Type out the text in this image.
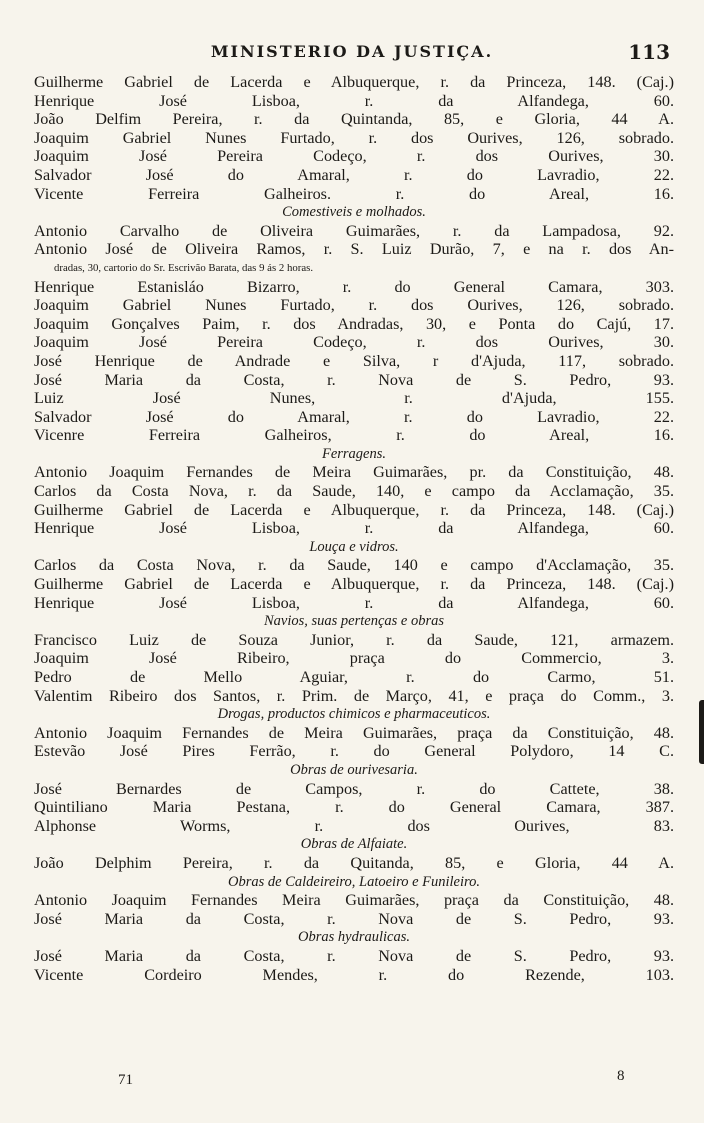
MINISTERIO DA JUSTIÇA.	113
Guilherme Gabriel de Lacerda e Albuquerque, r. da Princeza, 148. (Caj.)
Henrique José Lisboa, r. da Alfandega, 60.
João Delfim Pereira, r. da Quintanda, 85, e Gloria, 44 A.
Joaquim Gabriel Nunes Furtado, r. dos Ourives, 126, sobrado.
Joaquim José Pereira Codeço, r. dos Ourives, 30.
Salvador José do Amaral, r. do Lavradio, 22.
Vicente Ferreira Galheiros. r. do Areal, 16.
Comestiveis e molhados.
Antonio Carvalho de Oliveira Guimarães, r. da Lampadosa, 92.
Antonio José de Oliveira Ramos, r. S. Luiz Durão, 7, e na r. dos An-
dradas, 30, cartorio do Sr. Escrivão Barata, das 9 ás 2 horas.
Henrique Estanisláo Bizarro, r. do General Camara, 303.
Joaquim Gabriel Nunes Furtado, r. dos Ourives, 126, sobrado.
Joaquim Gonçalves Paim, r. dos Andradas, 30, e Ponta do Cajú, 17.
Joaquim José Pereira Codeço, r. dos Ourives, 30.
José Henrique de Andrade e Silva, r d'Ajuda, 117, sobrado.
José Maria da Costa, r. Nova de S. Pedro, 93.
Luiz José Nunes, r. d'Ajuda, 155.
Salvador José do Amaral, r. do Lavradio, 22.
Vicenre Ferreira Galheiros, r. do Areal, 16.
Ferragens.
Antonio Joaquim Fernandes de Meira Guimarães, pr. da Constituição, 48.
Carlos da Costa Nova, r. da Saude, 140, e campo da Acclamação, 35.
Guilherme Gabriel de Lacerda e Albuquerque, r. da Princeza, 148. (Caj.)
Henrique José Lisboa, r. da Alfandega, 60.
Louça e vidros.
Carlos da Costa Nova, r. da Saude, 140 e campo d'Acclamação, 35.
Guilherme Gabriel de Lacerda e Albuquerque, r. da Princeza, 148. (Caj.)
Henrique José Lisboa, r. da Alfandega, 60.
Navios, suas pertenças e obras
Francisco Luiz de Souza Junior, r. da Saude, 121, armazem.
Joaquim José Ribeiro, praça do Commercio, 3.
Pedro de Mello Aguiar, r. do Carmo, 51.
Valentim Ribeiro dos Santos, r. Prim. de Março, 41, e praça do Comm., 3.
Drogas, productos chimicos e pharmaceuticos.
Antonio Joaquim Fernandes de Meira Guimarães, praça da Constituição, 48.
Estevão José Pires Ferrão, r. do General Polydoro, 14 C.
Obras de ourivesaria.
José Bernardes de Campos, r. do Cattete, 38.
Quintiliano Maria Pestana, r. do General Camara, 387.
Alphonse Worms, r. dos Ourives, 83.
Obras de Alfaiate.
João Delphim Pereira, r. da Quitanda, 85, e Gloria, 44 A.
Obras de Caldeireiro, Latoeiro e Funileiro.
Antonio Joaquim Fernandes Meira Guimarães, praça da Constituição, 48.
José Maria da Costa, r. Nova de S. Pedro, 93.
Obras hydraulicas.
José Maria da Costa, r. Nova de S. Pedro, 93.
Vicente Cordeiro Mendes, r. do Rezende, 103.
71	8
